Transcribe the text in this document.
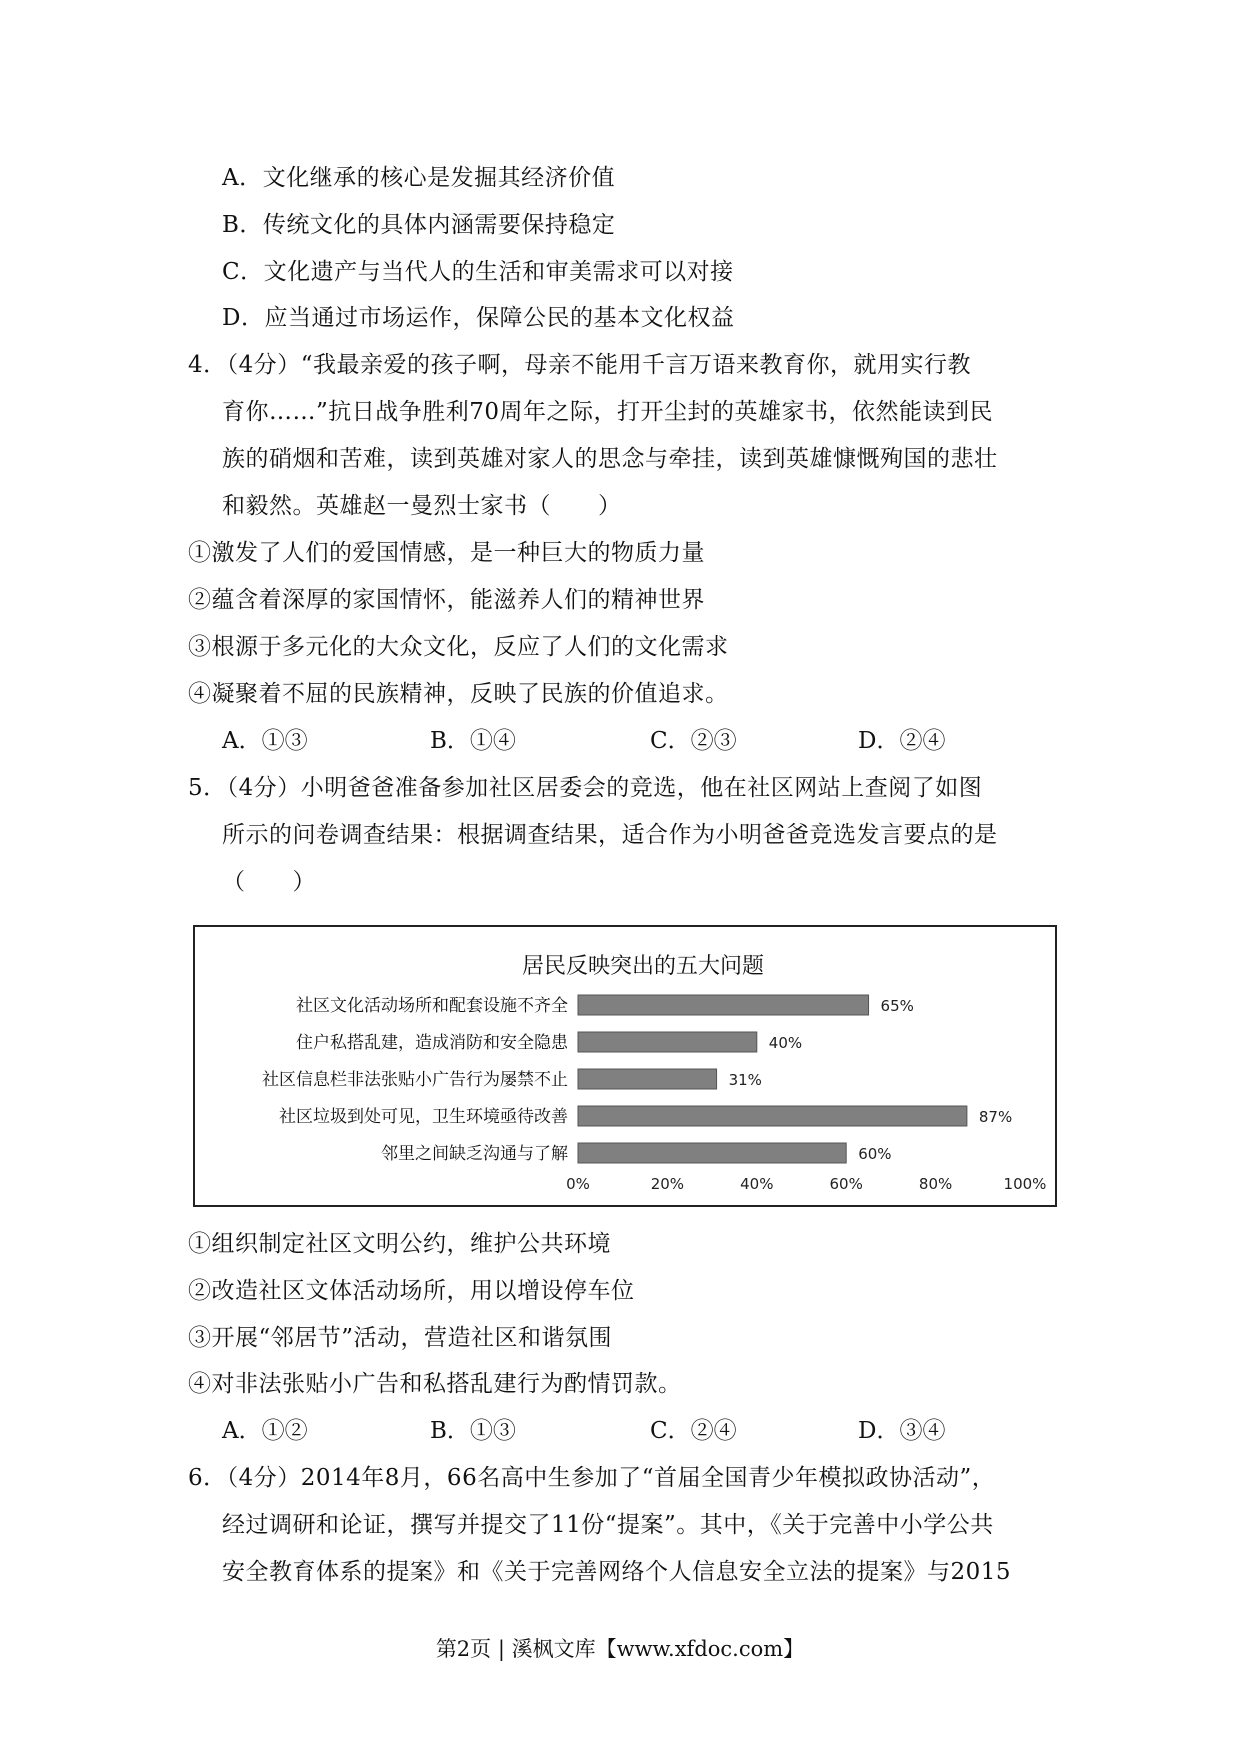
A．文化继承的核心是发掘其经济价值
B．传统文化的具体内涵需要保持稳定
C．文化遗产与当代人的生活和审美需求可以对接
D．应当通过市场运作，保障公民的基本文化权益
4．（4分）“我最亲爱的孩子啊，母亲不能用千言万语来教育你，就用实行教
育你……”抗日战争胜利70周年之际，打开尘封的英雄家书，依然能读到民
族的硝烟和苦难，读到英雄对家人的思念与牵挂，读到英雄慷慨殉国的悲壮
和毅然。英雄赵一曼烈士家书（　　）
①激发了人们的爱国情感，是一种巨大的物质力量
②蕴含着深厚的家国情怀，能滋养人们的精神世界
③根源于多元化的大众文化，反应了人们的文化需求
④凝聚着不屈的民族精神，反映了民族的价值追求。
A．①③	B．①④	C．②③	D．②④
5．（4分）小明爸爸准备参加社区居委会的竞选，他在社区网站上查阅了如图
所示的问卷调查结果：根据调查结果，适合作为小明爸爸竞选发言要点的是
（　　）
居民反映突出的五大问题
社区文化活动场所和配套设施不齐全	65%
住户私搭乱建，造成消防和安全隐患	40%
社区信息栏非法张贴小广告行为屡禁不止	31%
社区垃圾到处可见，卫生环境亟待改善	87%
邻里之间缺乏沟通与了解	60%
0%	20%	40%	60%	80%	100%
①组织制定社区文明公约，维护公共环境
②改造社区文体活动场所，用以增设停车位
③开展“邻居节”活动，营造社区和谐氛围
④对非法张贴小广告和私搭乱建行为酌情罚款。
A．①②	B．①③	C．②④	D．③④
6．（4分）2014年8月，66名高中生参加了“首届全国青少年模拟政协活动”，
经过调研和论证，撰写并提交了11份“提案”。其中，《关于完善中小学公共
安全教育体系的提案》和《关于完善网络个人信息安全立法的提案》与2015
第2页 | 溪枫文库【www.xfdoc.com】
